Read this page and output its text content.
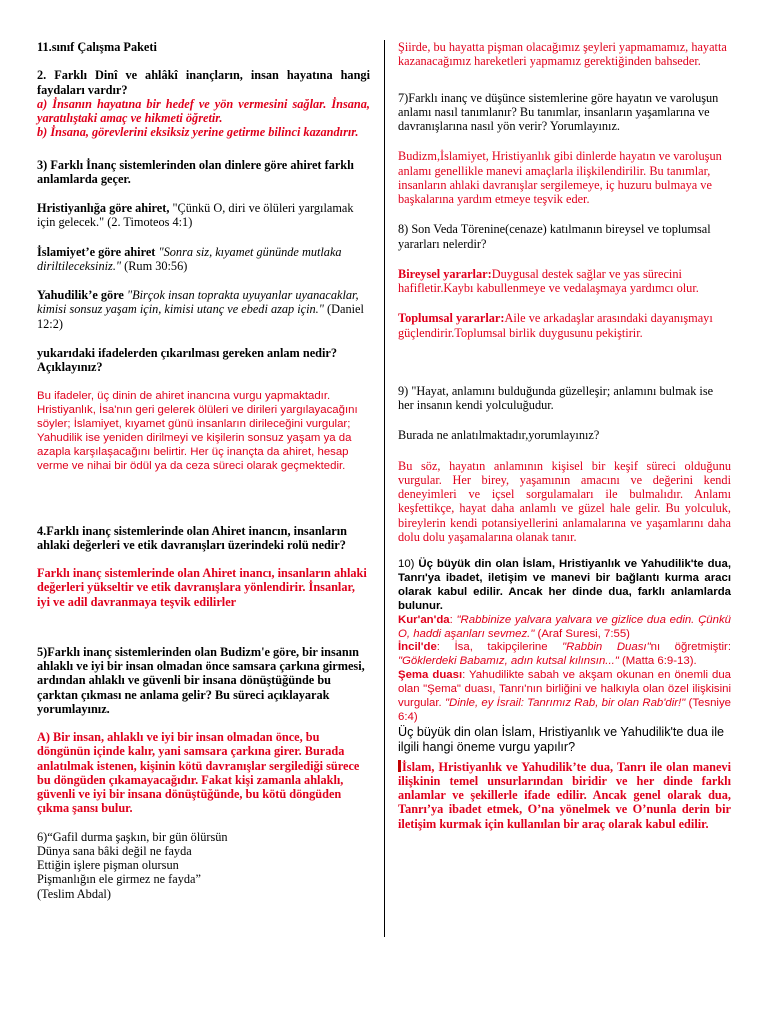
11.sınıf Çalışma Paketi

2. Farklı Dinî ve ahlâkî inançların, insan hayatına hangi faydaları vardır?

a) İnsanın hayatına bir hedef ve yön vermesini sağlar. İnsana, yaratılıştaki amaç ve hikmeti öğretir.

b) İnsana, görevlerini eksiksiz yerine getirme bilinci kazandırır.

3) Farklı İnanç sistemlerinden olan dinlere göre ahiret farklı anlamlarda geçer.

Hristiyanlığa göre ahiret, "Çünkü O, diri ve ölüleri yargılamak için gelecek." (2. Timoteos 4:1)

İslamiyet’e göre ahiret "Sonra siz, kıyamet gününde mutlaka diriltileceksiniz." (Rum 30:56)

Yahudilik’e göre "Birçok insan toprakta uyuyanlar uyanacaklar, kimisi sonsuz yaşam için, kimisi utanç ve ebedi azap için." (Daniel 12:2)

yukarıdaki ifadelerden çıkarılması gereken anlam nedir? Açıklayınız?

Bu ifadeler, üç dinin de ahiret inancına vurgu yapmaktadır. Hristiyanlık, İsa'nın geri gelerek ölüleri ve dirileri yargılayacağını söyler; İslamiyet, kıyamet günü insanların dirileceğini vurgular; Yahudilik ise yeniden dirilmeyi ve kişilerin sonsuz yaşam ya da azapla karşılaşacağını belirtir. Her üç inançta da ahiret, hesap verme ve nihai bir ödül ya da ceza süreci olarak geçmektedir.

4.Farklı inanç sistemlerinde olan Ahiret inancın, insanların ahlaki değerleri ve etik davranışları üzerindeki rolü nedir?

Farklı inanç sistemlerinde olan Ahiret inancı, insanların ahlaki değerleri yükseltir ve etik davranışlara yönlendirir. İnsanlar, iyi ve adil davranmaya teşvik edilirler

5)Farklı inanç sistemlerinden olan Budizm'e göre, bir insanın ahlaklı ve iyi bir insan olmadan önce samsara çarkına girmesi, ardından ahlaklı ve güvenli bir insana dönüştüğünde bu çarktan çıkması ne anlama gelir? Bu süreci açıklayarak yorumlayınız.

A) Bir insan, ahlaklı ve iyi bir insan olmadan önce, bu döngünün içinde kalır, yani samsara çarkına girer. Burada anlatılmak istenen, kişinin kötü davranışlar sergilediği sürece bu döngüden çıkamayacağıdır. Fakat kişi zamanla ahlaklı, güvenli ve iyi bir insana dönüştüğünde, bu kötü döngüden çıkma şansı bulur.

6)“Gafil durma şaşkın, bir gün ölürsün
Dünya sana bâki değil ne fayda
Ettiğin işlere pişman olursun
Pişmanlığın ele girmez ne fayda”
(Teslim Abdal)

Şiirde, bu hayatta pişman olacağımız şeyleri yapmamamız, hayatta kazanacağımız hareketleri yapmamız gerektiğinden bahseder.

7)Farklı inanç ve düşünce sistemlerine göre hayatın ve varoluşun anlamı nasıl tanımlanır? Bu tanımlar, insanların yaşamlarına ve davranışlarına nasıl yön verir? Yorumlayınız.

Budizm,İslamiyet, Hristiyanlık gibi dinlerde hayatın ve varoluşun anlamı genellikle manevi amaçlarla ilişkilendirilir. Bu tanımlar, insanların ahlaki davranışlar sergilemeye, iç huzuru bulmaya ve başkalarına yardım etmeye teşvik eder.

8) Son Veda Törenine(cenaze) katılmanın bireysel ve toplumsal yararları nelerdir?

Bireysel yararlar:Duygusal destek sağlar ve yas sürecini hafifletir.Kaybı kabullenmeye ve vedalaşmaya yardımcı olur.

Toplumsal yararlar:Aile ve arkadaşlar arasındaki dayanışmayı güçlendirir.Toplumsal birlik duygusunu pekiştirir.

9) "Hayat, anlamını bulduğunda güzelleşir; anlamını bulmak ise her insanın kendi yolculuğudur.

Burada ne anlatılmaktadır,yorumlayınız?

Bu söz, hayatın anlamının kişisel bir keşif süreci olduğunu vurgular. Her birey, yaşamının amacını ve değerini kendi deneyimleri ve içsel sorgulamaları ile bulmalıdır. Anlamı keşfettikçe, hayat daha anlamlı ve güzel hale gelir. Bu yolculuk, bireylerin kendi potansiyellerini anlamalarına ve yaşamlarını daha dolu dolu yaşamalarına olanak tanır.

10) Üç büyük din olan İslam, Hristiyanlık ve Yahudilik'te dua, Tanrı'ya ibadet, iletişim ve manevi bir bağlantı kurma aracı olarak kabul edilir. Ancak her dinde dua, farklı anlamlarda bulunur.

Kur'an'da: "Rabbinize yalvara yalvara ve gizlice dua edin. Çünkü O, haddi aşanları sevmez." (Araf Suresi, 7:55)

İncil'de: İsa, takipçilerine "Rabbin Duası"nı öğretmiştir: "Göklerdeki Babamız, adın kutsal kılınsın..." (Matta 6:9-13).

Şema duası: Yahudilikte sabah ve akşam okunan en önemli dua olan "Şema" duası, Tanrı'nın birliğini ve halkıyla olan özel ilişkisini vurgular. "Dinle, ey İsrail: Tanrımız Rab, bir olan Rab'dir!" (Tesniye 6:4)

Üç büyük din olan İslam, Hristiyanlık ve Yahudilik'te dua ile ilgili hangi öneme vurgu yapılır?

İslam, Hristiyanlık ve Yahudilik’te dua, Tanrı ile olan manevi ilişkinin temel unsurlarından biridir ve her dinde farklı anlamlar ve şekillerle ifade edilir. Ancak genel olarak dua, Tanrı’ya ibadet etmek, O’na yönelmek ve O’nunla derin bir iletişim kurmak için kullanılan bir araç olarak kabul edilir.
